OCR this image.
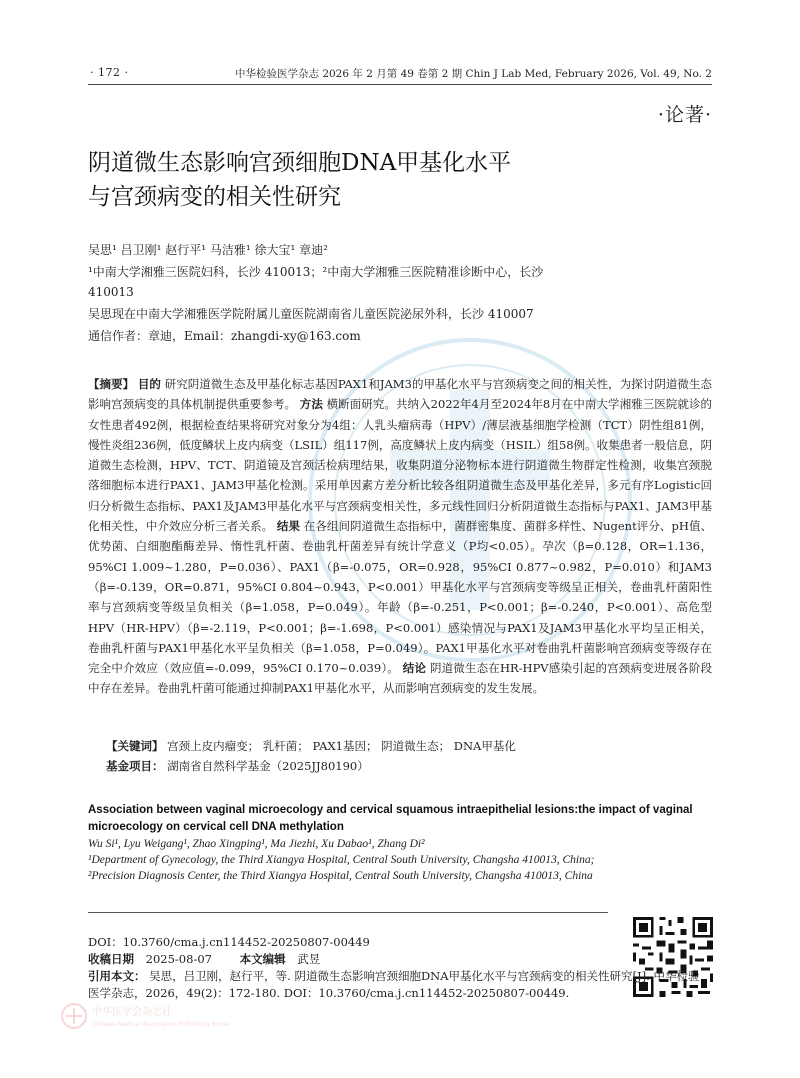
· 172 ·	中华检验医学杂志 2026 年 2 月第 49 卷第 2 期 Chin J Lab Med, February 2026, Vol. 49, No. 2
·论著·
阴道微生态影响宫颈细胞DNA甲基化水平
与宫颈病变的相关性研究
吴思¹ 吕卫刚¹ 赵行平¹ 马洁雅¹ 徐大宝¹ 章迪²
¹中南大学湘雅三医院妇科，长沙 410013；²中南大学湘雅三医院精准诊断中心，长沙
410013
吴思现在中南大学湘雅医学院附属儿童医院湖南省儿童医院泌尿外科，长沙 410007
通信作者：章迪，Email：zhangdi-xy@163.com
【摘要】 目的 研究阴道微生态及甲基化标志基因PAX1和JAM3的甲基化水平与宫颈病变之间的相关性，为探讨阴道微生态影响宫颈病变的具体机制提供重要参考。 方法 横断面研究。共纳入2022年4月至2024年8月在中南大学湘雅三医院就诊的女性患者492例，根据检查结果将研究对象分为4组：人乳头瘤病毒（HPV）/薄层液基细胞学检测（TCT）阴性组81例，慢性炎组236例，低度鳞状上皮内病变（LSIL）组117例，高度鳞状上皮内病变（HSIL）组58例。收集患者一般信息，阴道微生态检测，HPV、TCT、阴道镜及宫颈活检病理结果，收集阴道分泌物标本进行阴道微生物群定性检测，收集宫颈脱落细胞标本进行PAX1、JAM3甲基化检测。采用单因素方差分析比较各组阴道微生态及甲基化差异，多元有序Logistic回归分析微生态指标、PAX1及JAM3甲基化水平与宫颈病变相关性，多元线性回归分析阴道微生态指标与PAX1、JAM3甲基化相关性，中介效应分析三者关系。 结果 在各组间阴道微生态指标中，菌群密集度、菌群多样性、Nugent评分、pH值、优势菌、白细胞酯酶差异、惰性乳杆菌、卷曲乳杆菌差异有统计学意义（P均<0.05）。孕次（β=0.128，OR=1.136，95%CI 1.009~1.280，P=0.036）、PAX1（β=-0.075，OR=0.928，95%CI 0.877~0.982，P=0.010）和JAM3（β=-0.139，OR=0.871，95%CI 0.804~0.943，P<0.001）甲基化水平与宫颈病变等级呈正相关，卷曲乳杆菌阳性率与宫颈病变等级呈负相关（β=1.058，P=0.049）。年龄（β=-0.251，P<0.001；β=-0.240，P<0.001）、高危型HPV（HR-HPV）（β=-2.119，P<0.001；β=-1.698，P<0.001）感染情况与PAX1及JAM3甲基化水平均呈正相关，卷曲乳杆菌与PAX1甲基化水平呈负相关（β=1.058，P=0.049）。PAX1甲基化水平对卷曲乳杆菌影响宫颈病变等级存在完全中介效应（效应值=-0.099，95%CI 0.170~0.039）。 结论 阴道微生态在HR-HPV感染引起的宫颈病变进展各阶段中存在差异。卷曲乳杆菌可能通过抑制PAX1甲基化水平，从而影响宫颈病变的发生发展。
【关键词】 宫颈上皮内瘤变； 乳杆菌； PAX1基因； 阴道微生态； DNA甲基化
基金项目： 湖南省自然科学基金（2025JJ80190）
Association between vaginal microecology and cervical squamous intraepithelial lesions:the impact of vaginal microecology on cervical cell DNA methylation
Wu Si¹, Lyu Weigang¹, Zhao Xingping¹, Ma Jiezhi, Xu Dabao¹, Zhang Di²
¹Department of Gynecology, the Third Xiangya Hospital, Central South University, Changsha 410013, China; ²Precision Diagnosis Center, the Third Xiangya Hospital, Central South University, Changsha 410013, China
DOI：10.3760/cma.j.cn114452-20250807-00449
收稿日期 2025-08-07 本文编辑 武昱
引用本文： 吴思，吕卫刚，赵行平，等. 阴道微生态影响宫颈细胞DNA甲基化水平与宫颈病变的相关性研究[J]. 中华检验医学杂志，2026，49(2)：172-180. DOI：10.3760/cma.j.cn114452-20250807-00449.
中华医学会杂志社
Chinese Medical Association Publishing House
